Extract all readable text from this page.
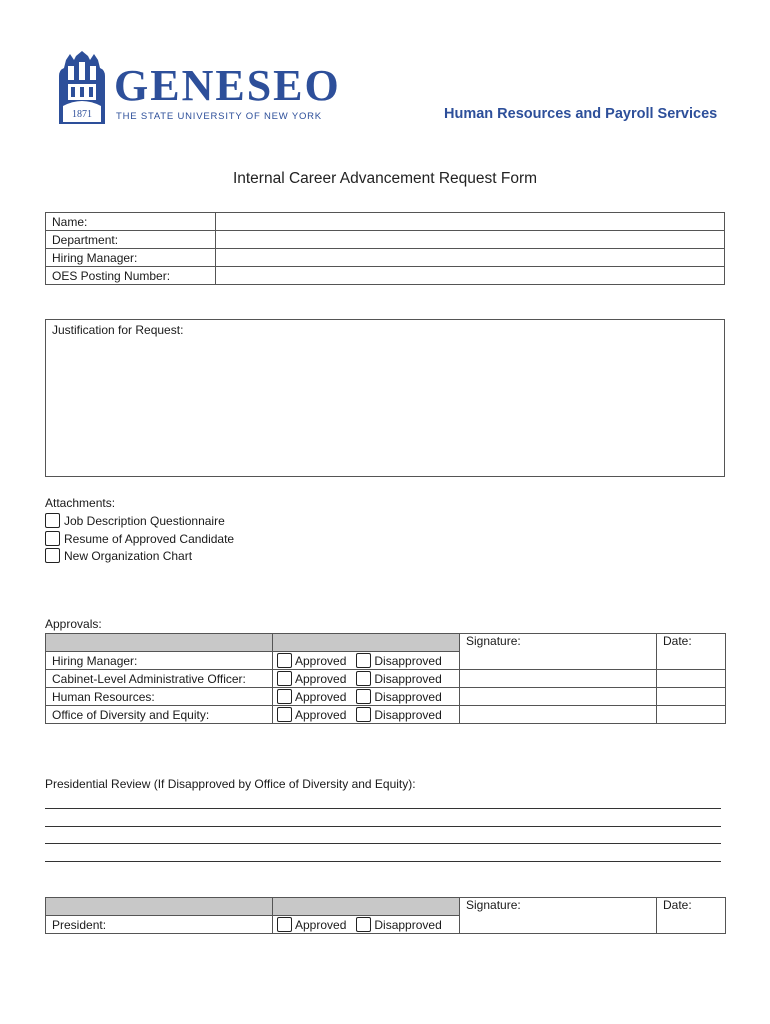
1871
GENESEO
THE STATE UNIVERSITY OF NEW YORK	Human Resources and Payroll Services
Internal Career Advancement Request Form
Name:	
Department:	
Hiring Manager:	
OES Posting Number:	
Justification for Request:
Attachments:
Job Description Questionnaire
Resume of Approved Candidate
New Organization Chart
Approvals:
		Signature:	Date:
Hiring Manager:	Approved Disapproved		

Cabinet-Level Administrative Officer:	Approved Disapproved		

Human Resources:	Approved Disapproved		

Office of Diversity and Equity:	Approved Disapproved		

Presidential Review (If Disapproved by Office of Diversity and Equity):
		Signature:	Date:
President:	Approved Disapproved		
